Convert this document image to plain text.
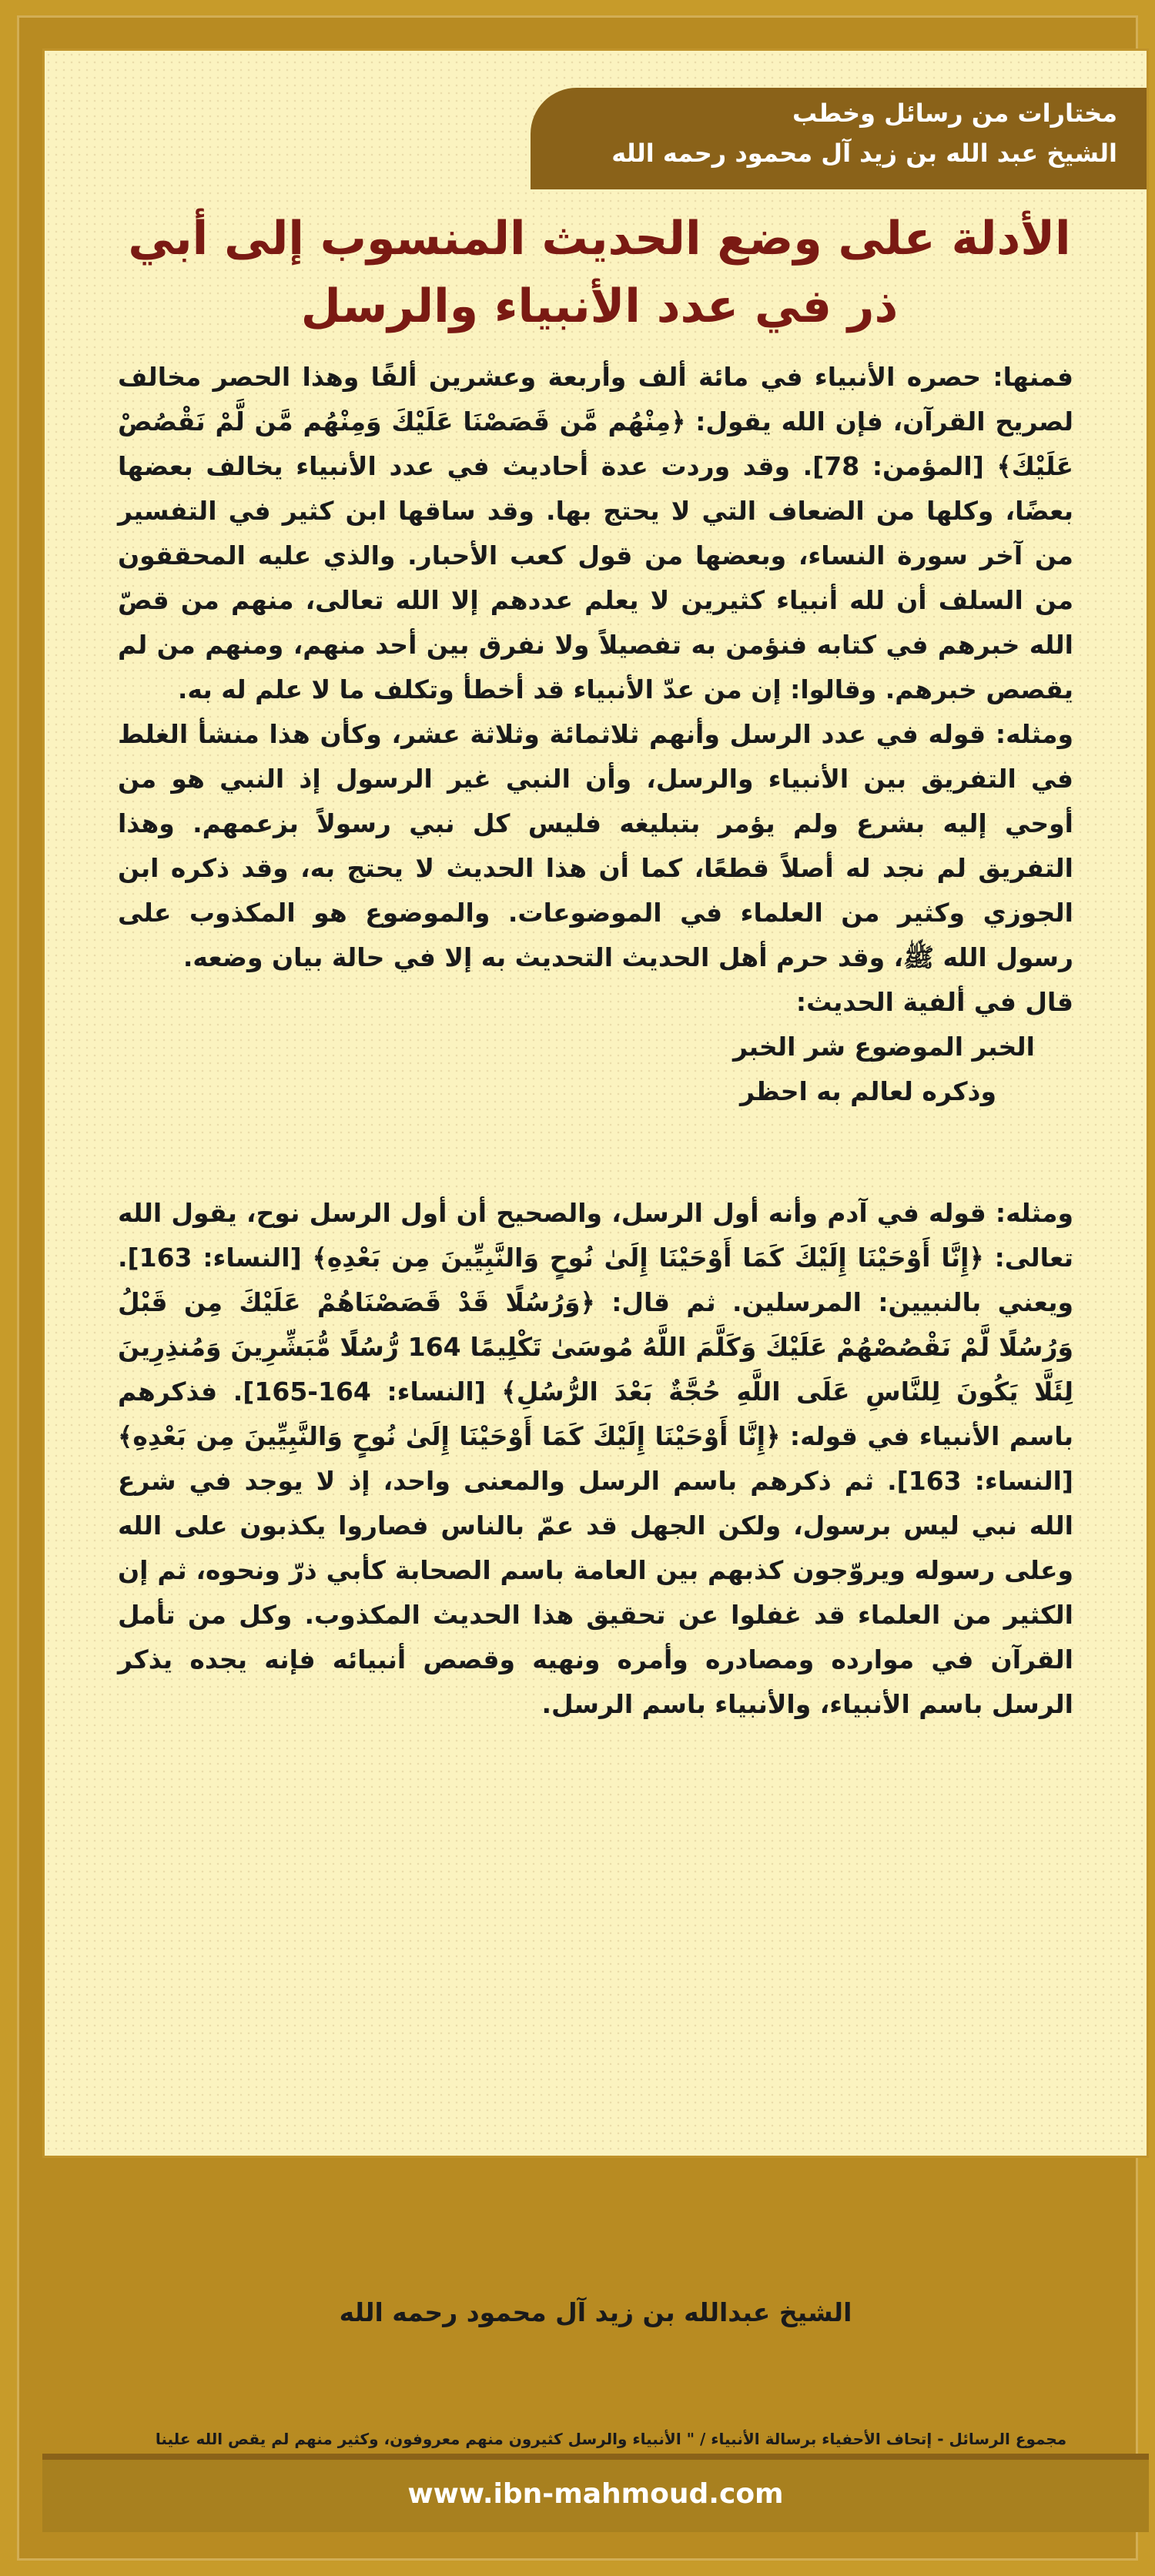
مختارات من رسائل وخطب
الشيخ عبد الله بن زيد آل محمود رحمه الله
الأدلة على وضع الحديث المنسوب إلى أبي ذر في عدد الأنبياء والرسل

فمنها: حصره الأنبياء في مائة ألف وأربعة وعشرين ألفًا وهذا الحصر مخالف لصريح القرآن، فإن الله يقول: ﴿مِنْهُم مَّن قَصَصْنَا عَلَيْكَ وَمِنْهُم مَّن لَّمْ نَقْصُصْ عَلَيْكَ﴾ [المؤمن: 78]. وقد وردت عدة أحاديث في عدد الأنبياء يخالف بعضها بعضًا، وكلها من الضعاف التي لا يحتج بها. وقد ساقها ابن كثير في التفسير من آخر سورة النساء، وبعضها من قول كعب الأحبار. والذي عليه المحققون من السلف أن لله أنبياء كثيرين لا يعلم عددهم إلا الله تعالى، منهم من قصّ الله خبرهم في كتابه فنؤمن به تفصيلاً ولا نفرق بين أحد منهم، ومنهم من لم يقصص خبرهم. وقالوا: إن من عدّ الأنبياء قد أخطأ وتكلف ما لا علم له به.

ومثله: قوله في عدد الرسل وأنهم ثلاثمائة وثلاثة عشر، وكأن هذا منشأ الغلط في التفريق بين الأنبياء والرسل، وأن النبي غير الرسول إذ النبي هو من أوحي إليه بشرع ولم يؤمر بتبليغه فليس كل نبي رسولاً بزعمهم. وهذا التفريق لم نجد له أصلاً قطعًا، كما أن هذا الحديث لا يحتج به، وقد ذكره ابن الجوزي وكثير من العلماء في الموضوعات. والموضوع هو المكذوب على رسول الله ﷺ، وقد حرم أهل الحديث التحديث به إلا في حالة بيان وضعه.

قال في ألفية الحديث:

الخبر الموضوع شر الخبر
وذكره لعالم به احظر

ومثله: قوله في آدم وأنه أول الرسل، والصحيح أن أول الرسل نوح، يقول الله تعالى: ﴿إِنَّا أَوْحَيْنَا إِلَيْكَ كَمَا أَوْحَيْنَا إِلَىٰ نُوحٍ وَالنَّبِيِّينَ مِن بَعْدِهِ﴾ [النساء: 163]. ويعني بالنبيين: المرسلين. ثم قال: ﴿وَرُسُلًا قَدْ قَصَصْنَاهُمْ عَلَيْكَ مِن قَبْلُ وَرُسُلًا لَّمْ نَقْصُصْهُمْ عَلَيْكَ وَكَلَّمَ اللَّهُ مُوسَىٰ تَكْلِيمًا 164 رُّسُلًا مُّبَشِّرِينَ وَمُنذِرِينَ لِئَلَّا يَكُونَ لِلنَّاسِ عَلَى اللَّهِ حُجَّةٌ بَعْدَ الرُّسُلِ﴾ [النساء: 164-165]. فذكرهم باسم الأنبياء في قوله: ﴿إِنَّا أَوْحَيْنَا إِلَيْكَ كَمَا أَوْحَيْنَا إِلَىٰ نُوحٍ وَالنَّبِيِّينَ مِن بَعْدِهِ﴾ [النساء: 163]. ثم ذكرهم باسم الرسل والمعنى واحد، إذ لا يوجد في شرع الله نبي ليس برسول، ولكن الجهل قد عمّ بالناس فصاروا يكذبون على الله وعلى رسوله ويروّجون كذبهم بين العامة باسم الصحابة كأبي ذرّ ونحوه، ثم إن الكثير من العلماء قد غفلوا عن تحقيق هذا الحديث المكذوب. وكل من تأمل القرآن في موارده ومصادره وأمره ونهيه وقصص أنبيائه فإنه يجده يذكر الرسل باسم الأنبياء، والأنبياء باسم الرسل.

الشيخ عبدالله بن زيد آل محمود رحمه الله
مجموع الرسائل - إتحاف الأحفياء برسالة الأنبياء / " الأنبياء والرسل كثيرون منهم معروفون، وكثير منهم لم يقص الله علينا
www.ibn-mahmoud.com
